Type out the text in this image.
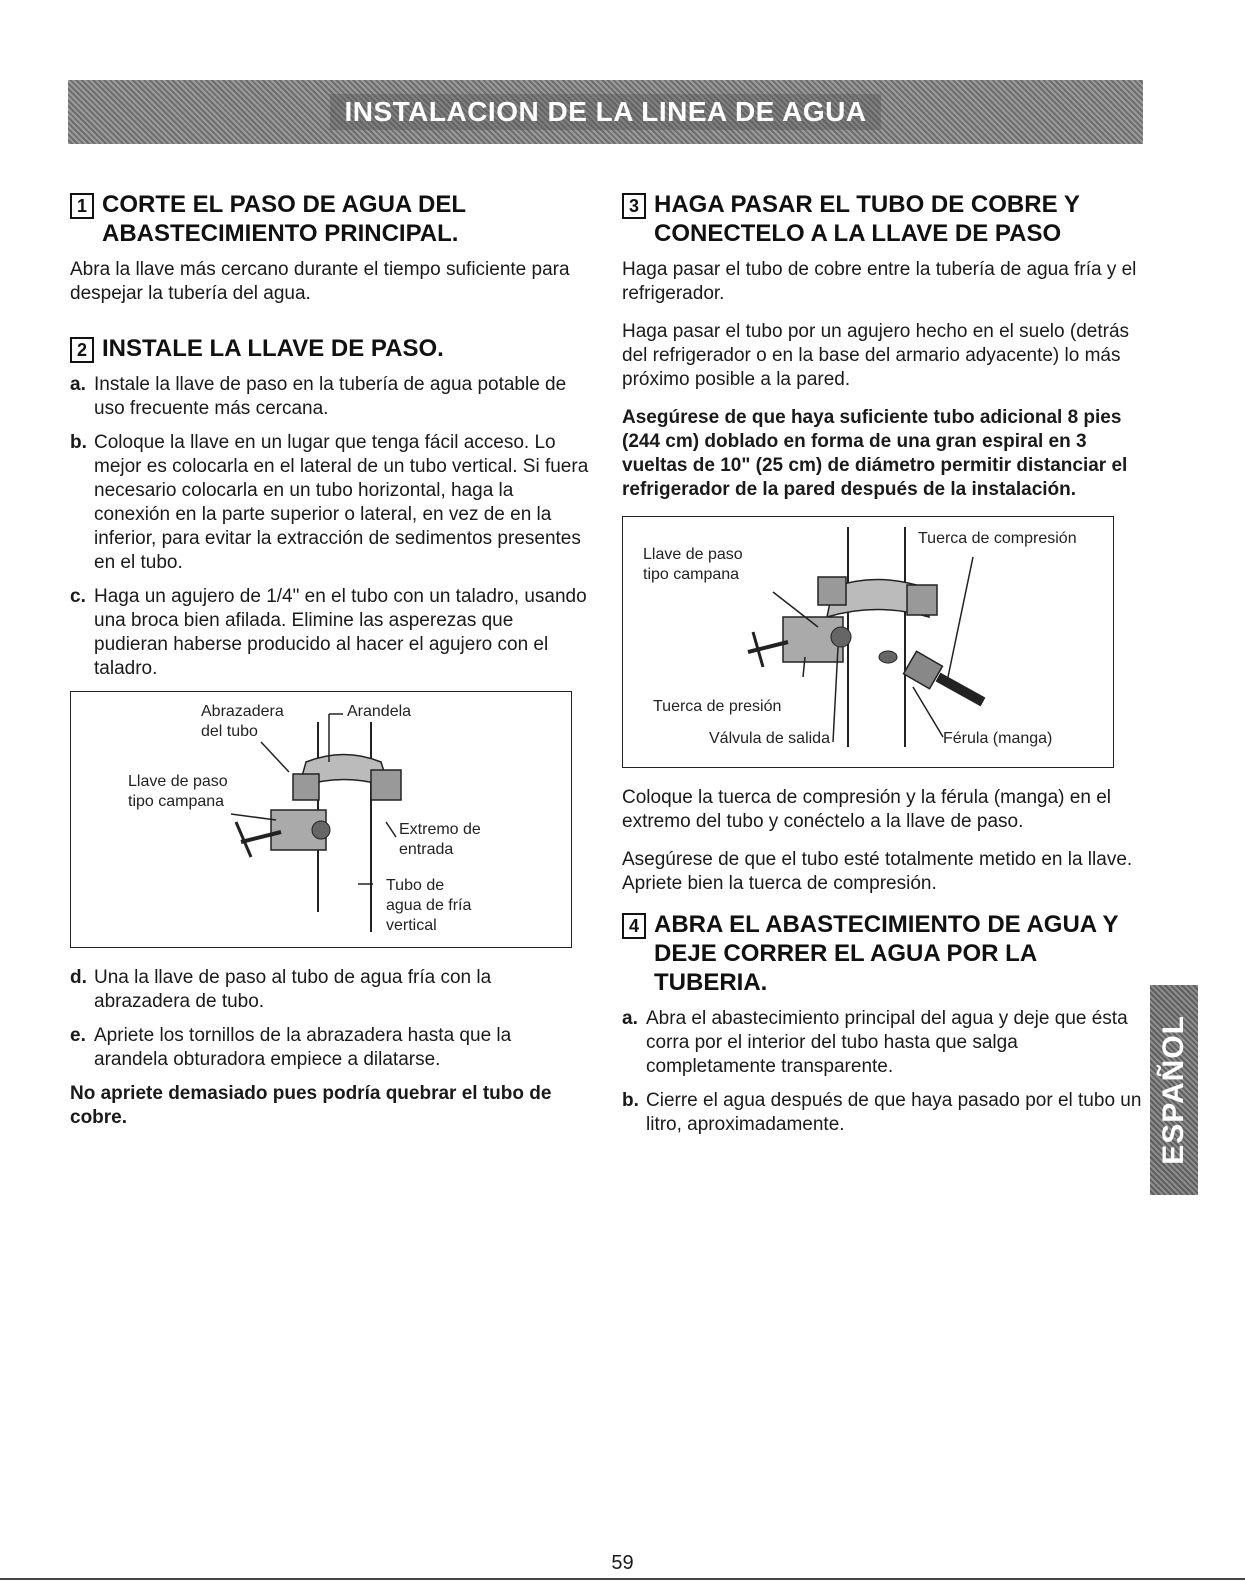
INSTALACION DE LA LINEA DE AGUA
1 CORTE EL PASO DE AGUA DEL ABASTECIMIENTO PRINCIPAL.

Abra la llave más cercano durante el tiempo suficiente para despejar la tubería del agua.

2 INSTALE LA LLAVE DE PASO.
a. Instale la llave de paso en la tubería de agua potable de uso frecuente más cercana.
b. Coloque la llave en un lugar que tenga fácil acceso. Lo mejor es colocarla en el lateral de un tubo vertical. Si fuera necesario colocarla en un tubo horizontal, haga la conexión en la parte superior o lateral, en vez de en la inferior, para evitar la extracción de sedimentos presentes en el tubo.
c. Haga un agujero de 1/4" en el tubo con un taladro, usando una broca bien afilada. Elimine las asperezas que pudieran haberse producido al hacer el agujero con el taladro.
Abrazadera
del tubo
Arandela
Llave de paso
tipo campana
Extremo de
entrada
Tubo de
agua de fría
vertical
d. Una la llave de paso al tubo de agua fría con la abrazadera de tubo.
e. Apriete los tornillos de la abrazadera hasta que la arandela obturadora empiece a dilatarse.

No apriete demasiado pues podría quebrar el tubo de cobre.

3 HAGA PASAR EL TUBO DE COBRE Y CONECTELO A LA LLAVE DE PASO

Haga pasar el tubo de cobre entre la tubería de agua fría y el refrigerador.

Haga pasar el tubo por un agujero hecho en el suelo (detrás del refrigerador o en la base del armario adyacente) lo más próximo posible a la pared.

Asegúrese de que haya suficiente tubo adicional 8 pies (244 cm) doblado en forma de una gran espiral en 3 vueltas de 10" (25 cm) de diámetro permitir distanciar el refrigerador de la pared después de la instalación.

Tuerca de compresión
Llave de paso
tipo campana
Tuerca de presión
Válvula de salida	Férula (manga)

Coloque la tuerca de compresión y la férula (manga) en el extremo del tubo y conéctelo a la llave de paso.

Asegúrese de que el tubo esté totalmente metido en la llave. Apriete bien la tuerca de compresión.

4 ABRA EL ABASTECIMIENTO DE AGUA Y DEJE CORRER EL AGUA POR LA TUBERIA.
a. Abra el abastecimiento principal del agua y deje que ésta corra por el interior del tubo hasta que salga completamente transparente.
b. Cierre el agua después de que haya pasado por el tubo un litro, aproximadamente.	ESPAÑOL
59
